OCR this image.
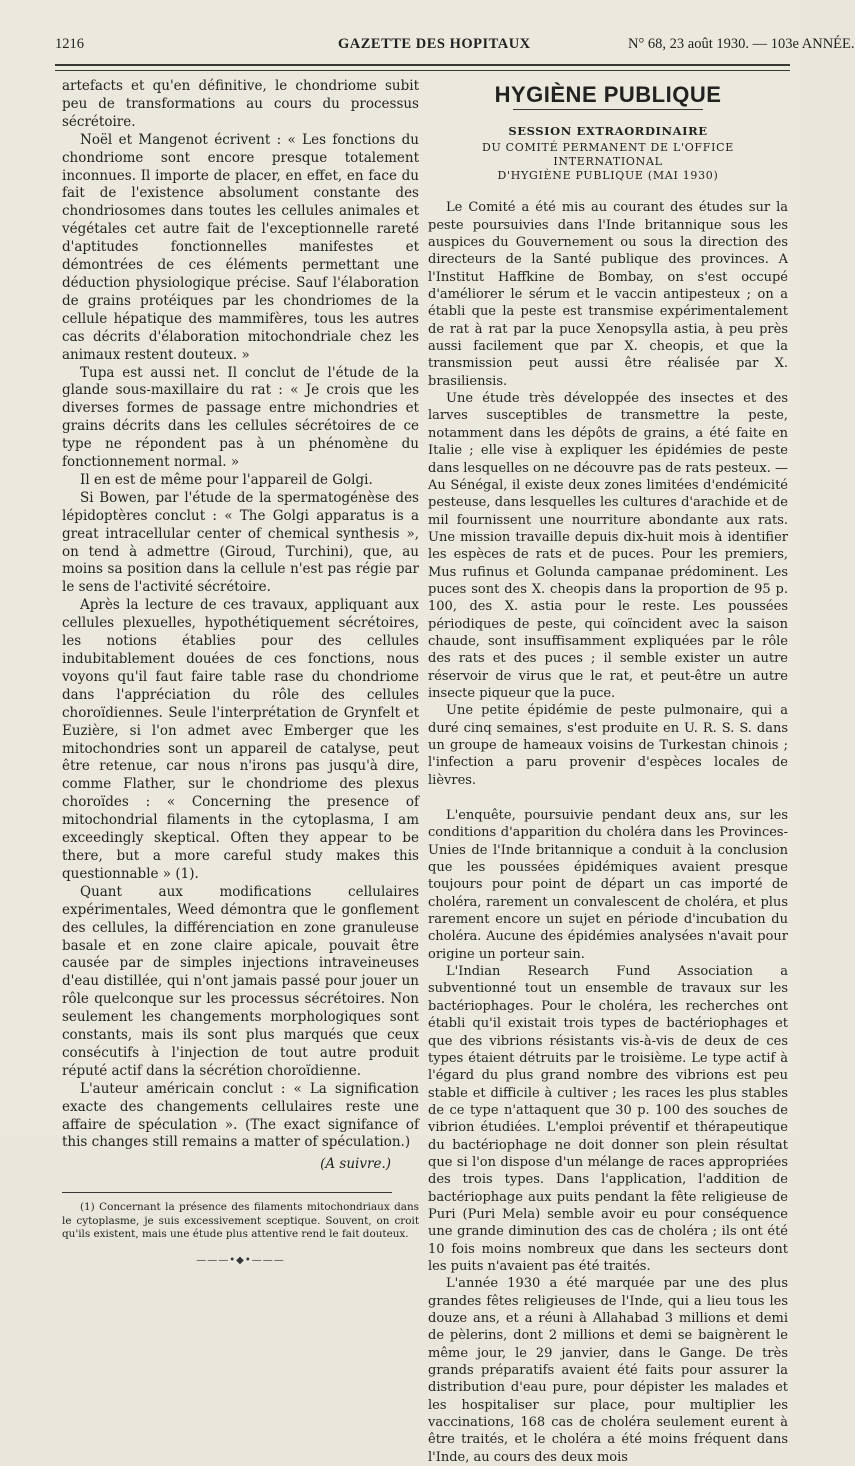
1216	GAZETTE DES HOPITAUX	N° 68, 23 août 1930. — 103e ANNÉE.

artefacts et qu'en définitive, le chondriome subit peu de transformations au cours du processus sécrétoire.

Noël et Mangenot écrivent : « Les fonctions du chondriome sont encore presque totalement inconnues. Il importe de placer, en effet, en face du fait de l'existence absolument constante des chondriosomes dans toutes les cellules animales et végétales cet autre fait de l'exceptionnelle rareté d'aptitudes fonctionnelles manifestes et démontrées de ces éléments permettant une déduction physiologique précise. Sauf l'élaboration de grains protéiques par les chondriomes de la cellule hépatique des mammifères, tous les autres cas décrits d'élaboration mitochondriale chez les animaux restent douteux. »

Tupa est aussi net. Il conclut de l'étude de la glande sous-maxillaire du rat : « Je crois que les diverses formes de passage entre michondries et grains décrits dans les cellules sécrétoires de ce type ne répondent pas à un phénomène du fonctionnement normal. »

Il en est de même pour l'appareil de Golgi.

Si Bowen, par l'étude de la spermatogénèse des lépidoptères conclut : « The Golgi apparatus is a great intracellular center of chemical synthesis », on tend à admettre (Giroud, Turchini), que, au moins sa position dans la cellule n'est pas régie par le sens de l'activité sécrétoire.

Après la lecture de ces travaux, appliquant aux cellules plexuelles, hypothétiquement sécrétoires, les notions établies pour des cellules indubitablement douées de ces fonctions, nous voyons qu'il faut faire table rase du chondriome dans l'appréciation du rôle des cellules choroïdiennes. Seule l'interprétation de Grynfelt et Euzière, si l'on admet avec Emberger que les mitochondries sont un appareil de catalyse, peut être retenue, car nous n'irons pas jusqu'à dire, comme Flather, sur le chondriome des plexus choroïdes : « Concerning the presence of mitochondrial filaments in the cytoplasma, I am exceedingly skeptical. Often they appear to be there, but a more careful study makes this questionnable » (1).

Quant aux modifications cellulaires expérimentales, Weed démontra que le gonflement des cellules, la différenciation en zone granuleuse basale et en zone claire apicale, pouvait être causée par de simples injections intraveineuses d'eau distillée, qui n'ont jamais passé pour jouer un rôle quelconque sur les processus sécrétoires. Non seulement les changements morphologiques sont constants, mais ils sont plus marqués que ceux consécutifs à l'injection de tout autre produit réputé actif dans la sécrétion choroïdienne.

L'auteur américain conclut : « La signification exacte des changements cellulaires reste une affaire de spéculation ». (The exact signifance of this changes still remains a matter of spéculation.)

(A suivre.)

(1) Concernant la présence des filaments mitochondriaux dans le cytoplasme, je suis excessivement sceptique. Souvent, on croit qu'ils existent, mais une étude plus attentive rend le fait douteux.

———•◆•———
HYGIÈNE PUBLIQUE
SESSION EXTRAORDINAIRE
DU COMITÉ PERMANENT DE L'OFFICE INTERNATIONAL
D'HYGIÈNE PUBLIQUE (MAI 1930)

Le Comité a été mis au courant des études sur la peste poursuivies dans l'Inde britannique sous les auspices du Gouvernement ou sous la direction des directeurs de la Santé publique des provinces. A l'Institut Haffkine de Bombay, on s'est occupé d'améliorer le sérum et le vaccin antipesteux ; on a établi que la peste est transmise expérimentalement de rat à rat par la puce Xenopsylla astia, à peu près aussi facilement que par X. cheopis, et que la transmission peut aussi être réalisée par X. brasiliensis.

Une étude très développée des insectes et des larves susceptibles de transmettre la peste, notamment dans les dépôts de grains, a été faite en Italie ; elle vise à expliquer les épidémies de peste dans lesquelles on ne découvre pas de rats pesteux. — Au Sénégal, il existe deux zones limitées d'endémicité pesteuse, dans lesquelles les cultures d'arachide et de mil fournissent une nourriture abondante aux rats. Une mission travaille depuis dix-huit mois à identifier les espèces de rats et de puces. Pour les premiers, Mus rufinus et Golunda campanae prédominent. Les puces sont des X. cheopis dans la proportion de 95 p. 100, des X. astia pour le reste. Les poussées périodiques de peste, qui coïncident avec la saison chaude, sont insuffisamment expliquées par le rôle des rats et des puces ; il semble exister un autre réservoir de virus que le rat, et peut-être un autre insecte piqueur que la puce.

Une petite épidémie de peste pulmonaire, qui a duré cinq semaines, s'est produite en U. R. S. S. dans un groupe de hameaux voisins de Turkestan chinois ; l'infection a paru provenir d'espèces locales de lièvres.

L'enquête, poursuivie pendant deux ans, sur les conditions d'apparition du choléra dans les Provinces-Unies de l'Inde britannique a conduit à la conclusion que les poussées épidémiques avaient presque toujours pour point de départ un cas importé de choléra, rarement un convalescent de choléra, et plus rarement encore un sujet en période d'incubation du choléra. Aucune des épidémies analysées n'avait pour origine un porteur sain.

L'Indian Research Fund Association a subventionné tout un ensemble de travaux sur les bactériophages. Pour le choléra, les recherches ont établi qu'il existait trois types de bactériophages et que des vibrions résistants vis-à-vis de deux de ces types étaient détruits par le troisième. Le type actif à l'égard du plus grand nombre des vibrions est peu stable et difficile à cultiver ; les races les plus stables de ce type n'attaquent que 30 p. 100 des souches de vibrion étudiées. L'emploi préventif et thérapeutique du bactériophage ne doit donner son plein résultat que si l'on dispose d'un mélange de races appropriées des trois types. Dans l'application, l'addition de bactériophage aux puits pendant la fête religieuse de Puri (Puri Mela) semble avoir eu pour conséquence une grande diminution des cas de choléra ; ils ont été 10 fois moins nombreux que dans les secteurs dont les puits n'avaient pas été traités.

L'année 1930 a été marquée par une des plus grandes fêtes religieuses de l'Inde, qui a lieu tous les douze ans, et a réuni à Allahabad 3 millions et demi de pèlerins, dont 2 millions et demi se baignèrent le même jour, le 29 janvier, dans le Gange. De très grands préparatifs avaient été faits pour assurer la distribution d'eau pure, pour dépister les malades et les hospitaliser sur place, pour multiplier les vaccinations, 168 cas de choléra seulement eurent à être traités, et le choléra a été moins fréquent dans l'Inde, au cours des deux mois
